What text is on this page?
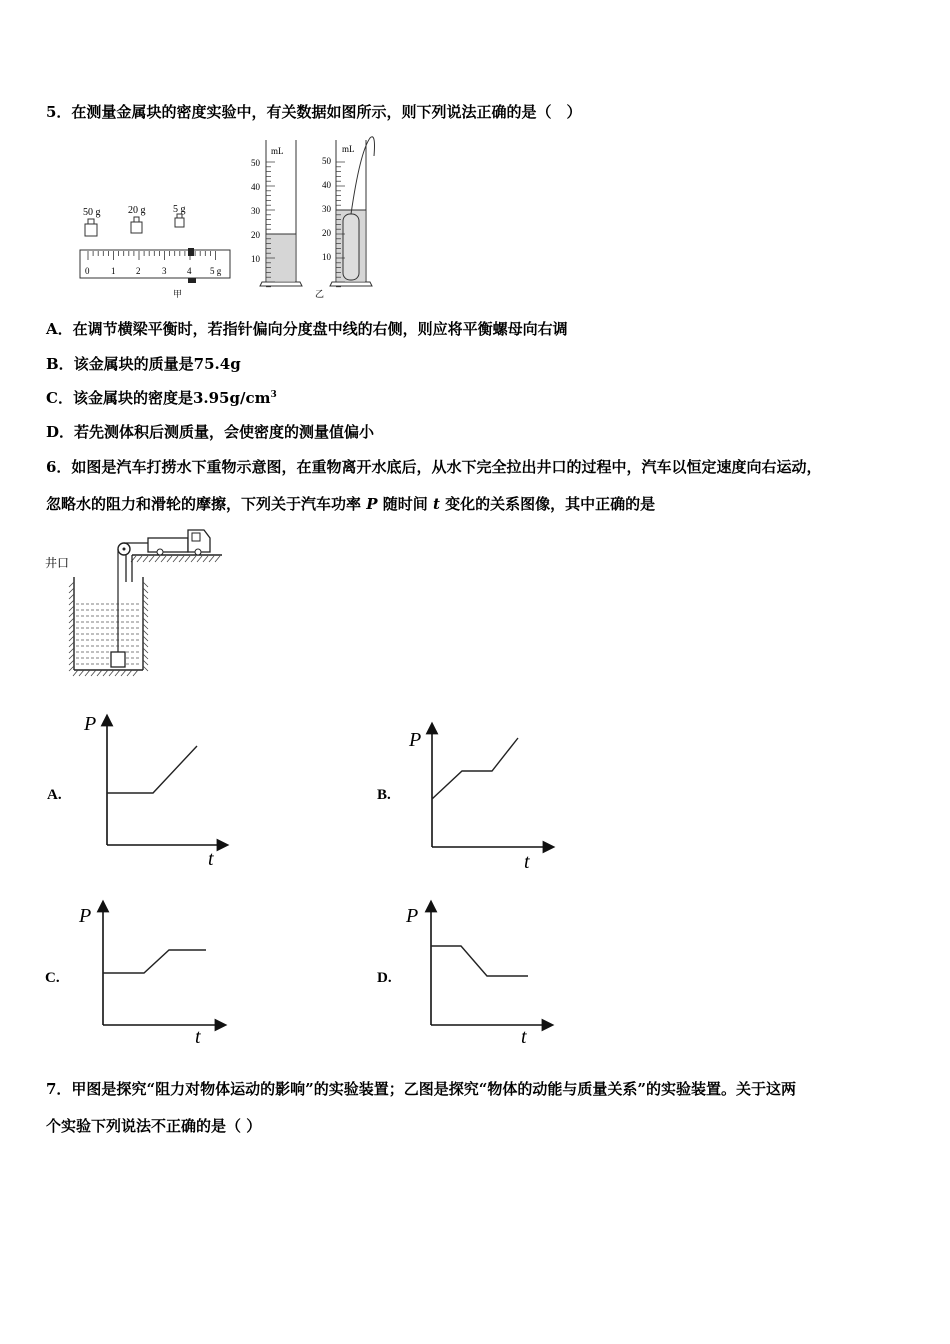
5．在测量金属块的密度实验中，有关数据如图所示，则下列说法正确的是（　）
50 g	20 g	5 g
0 1 2 3 4 5 g
甲
mL
50
40
30
20
10
mL
50
40
30
20
10
乙
A．在调节横梁平衡时，若指针偏向分度盘中线的右侧，则应将平衡螺母向右调
B．该金属块的质量是75.4g
C．该金属块的密度是$3.95g/cm^3$
D．若先测体积后测质量，会使密度的测量值偏小
6．如图是汽车打捞水下重物示意图，在重物离开水底后，从水下完全拉出井口的过程中，汽车以恒定速度向右运动，
忽略水的阻力和滑轮的摩擦，下列关于汽车功率 P 随时间 t 变化的关系图像，其中正确的是
井口
A.
P
t
B.
P
t
C.
P
t
D.
P
t
7．甲图是探究“阻力对物体运动的影响”的实验装置；乙图是探究“物体的动能与质量关系”的实验装置。关于这两
个实验下列说法不正确的是（ ）
